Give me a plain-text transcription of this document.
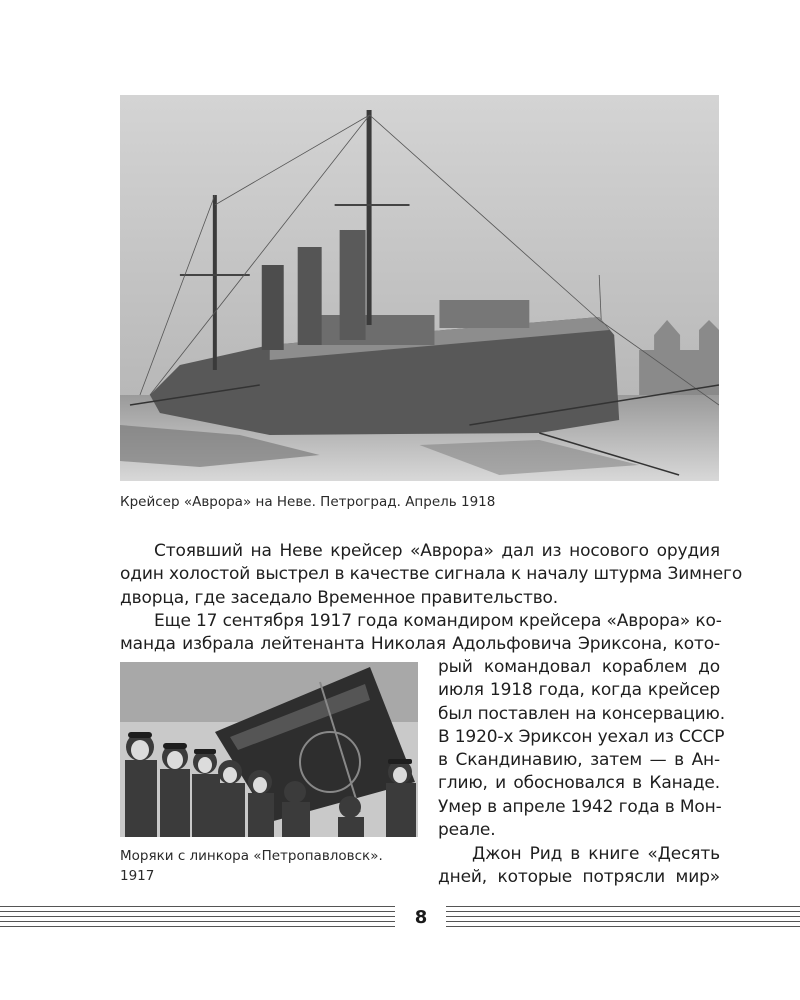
Крейсер «Аврора» на Неве. Петроград. Апрель 1918

Стоявший на Неве крейсер «Аврора» дал из носового орудия
один холостой выстрел в качестве сигнала к началу штурма Зимнего
дворца, где заседало Временное правительство.

Еще 17 сентября 1917 года командиром крейсера «Аврора» ко-
манда избрала лейтенанта Николая Адольфовича Эриксона, кото-

Моряки с линкора «Петропавловск».
1917

рый командовал кораблем до
июля 1918 года, когда крейсер
был поставлен на консервацию.
В 1920-х Эриксон уехал из СССР
в Скандинавию, затем — в Ан-
глию, и обосновался в Канаде.
Умер в апреле 1942 года в Мон-
реале.

Джон Рид в книге «Десять
дней, которые потрясли мир»

8
